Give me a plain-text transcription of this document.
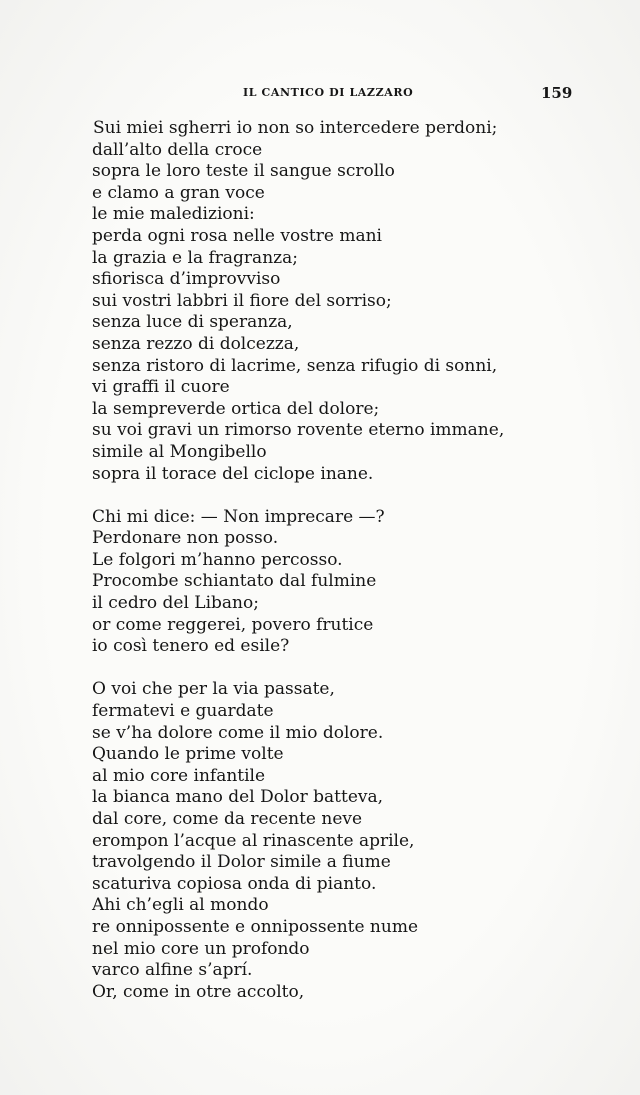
IL CANTICO DI LAZZARO	159
Sui miei sgherri io non so intercedere perdoni;
dall’alto della croce
sopra le loro teste il sangue scrollo
e clamo a gran voce
le mie maledizioni:
perda ogni rosa nelle vostre mani
la grazia e la fragranza;
sfiorisca d’improvviso
sui vostri labbri il fiore del sorriso;
senza luce di speranza,
senza rezzo di dolcezza,
senza ristoro di lacrime, senza rifugio di sonni,
vi graffi il cuore
la sempreverde ortica del dolore;
su voi gravi un rimorso rovente eterno immane,
simile al Mongibello
sopra il torace del ciclope inane.
Chi mi dice: — Non imprecare —?
Perdonare non posso.
Le folgori m’hanno percosso.
Procombe schiantato dal fulmine
il cedro del Libano;
or come reggerei, povero frutice
io così tenero ed esile?
O voi che per la via passate,
fermatevi e guardate
se v’ha dolore come il mio dolore.
Quando le prime volte
al mio core infantile
la bianca mano del Dolor batteva,
dal core, come da recente neve
erompon l’acque al rinascente aprile,
travolgendo il Dolor simile a fiume
scaturiva copiosa onda di pianto.
Ahi ch’egli al mondo
re onnipossente e onnipossente nume
nel mio core un profondo
varco alfine s’aprí.
Or, come in otre accolto,
